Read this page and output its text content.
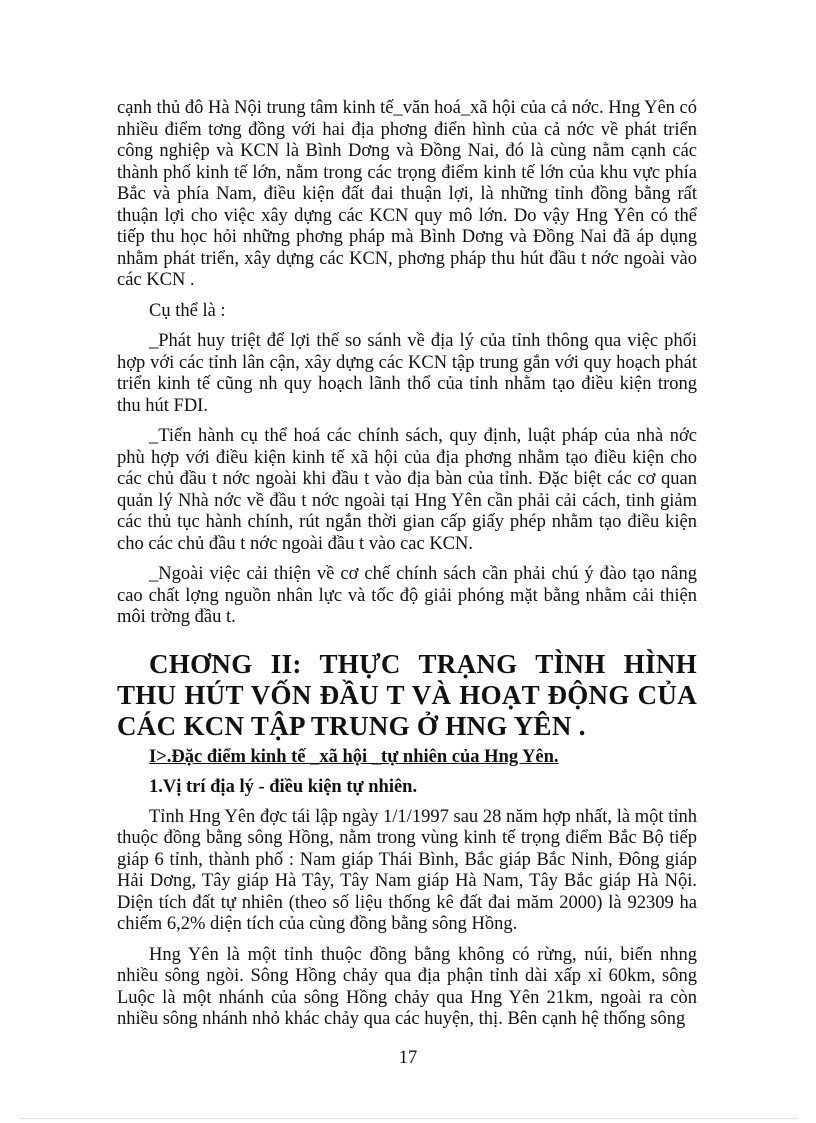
cạnh thủ đô Hà Nội trung tâm kinh tế_văn hoá_xã hội của cả nớc. Hng Yên có nhiều điểm tơng đồng với hai địa phơng điển hình của cả nớc về phát triển công nghiệp và KCN là Bình Dơng và Đồng Nai, đó là cùng nằm cạnh các thành phố kinh tế lớn, nằm trong các trọng điểm kinh tế lớn của khu vực phía Bắc và phía Nam, điều kiện đất đai thuận lợi, là những tỉnh đồng bằng rất thuận lợi cho việc xây dựng các KCN quy mô lớn. Do vậy Hng Yên có thể tiếp thu học hỏi những phơng pháp mà Bình Dơng và Đồng Nai đã áp dụng nhằm phát triển, xây dựng các KCN, phơng pháp thu hút đầu t nớc ngoài vào các KCN .

Cụ thể là :

_Phát huy triệt để lợi thế so sánh về địa lý của tỉnh thông qua việc phối hợp với các tỉnh lân cận, xây dựng các KCN tập trung gắn với quy hoạch phát triển kinh tế cũng nh quy hoạch lãnh thổ của tỉnh nhằm tạo điều kiện trong thu hút FDI.

_Tiến hành cụ thể hoá các chính sách, quy định, luật pháp của nhà nớc phù hợp với điều kiện kinh tế xã hội của địa phơng nhằm tạo điều kiện cho các chủ đầu t nớc ngoài khi đầu t vào địa bàn của tỉnh. Đặc biệt các cơ quan quản lý Nhà nớc về đầu t nớc ngoài tại Hng Yên cần phải cải cách, tinh giảm các thủ tục hành chính, rút ngắn thời gian cấp giấy phép nhằm tạo điều kiện cho các chủ đầu t nớc ngoài đầu t vào cac KCN.

_Ngoài việc cải thiện về cơ chế chính sách cần phải chú ý đào tạo nâng cao chất lợng nguồn nhân lực và tốc độ giải phóng mặt bằng nhằm cải thiện môi trờng đầu t.

CHƠNG II: THỰC TRẠNG TÌNH HÌNH THU HÚT VỐN ĐẦU T VÀ HOẠT ĐỘNG CỦA CÁC KCN TẬP TRUNG Ở HNG YÊN .
I>.Đặc điểm kinh tế _xã hội _tự nhiên của Hng Yên.
1.Vị trí địa lý - điều kiện tự nhiên.

Tỉnh Hng Yên đợc tái lập ngày 1/1/1997 sau 28 năm hợp nhất, là một tỉnh thuộc đồng bằng sông Hồng, nằm trong vùng kinh tế trọng điểm Bắc Bộ tiếp giáp 6 tỉnh, thành phố : Nam giáp Thái Bình, Bắc giáp Bắc Ninh, Đông giáp Hải Dơng, Tây giáp Hà Tây, Tây Nam giáp Hà Nam, Tây Bắc giáp Hà Nội. Diện tích đất tự nhiên (theo số liệu thống kê đất đai măm 2000) là 92309 ha chiếm 6,2% diện tích của cùng đồng bằng sông Hồng.

Hng Yên là một tỉnh thuộc đồng bằng không có rừng, núi, biển nhng nhiều sông ngòi. Sông Hồng chảy qua địa phận tỉnh dài xấp xỉ 60km, sông Luộc là một nhánh của sông Hồng chảy qua Hng Yên 21km, ngoài ra còn nhiều sông nhánh nhỏ khác chảy qua các huyện, thị. Bên cạnh hệ thống sông

17
